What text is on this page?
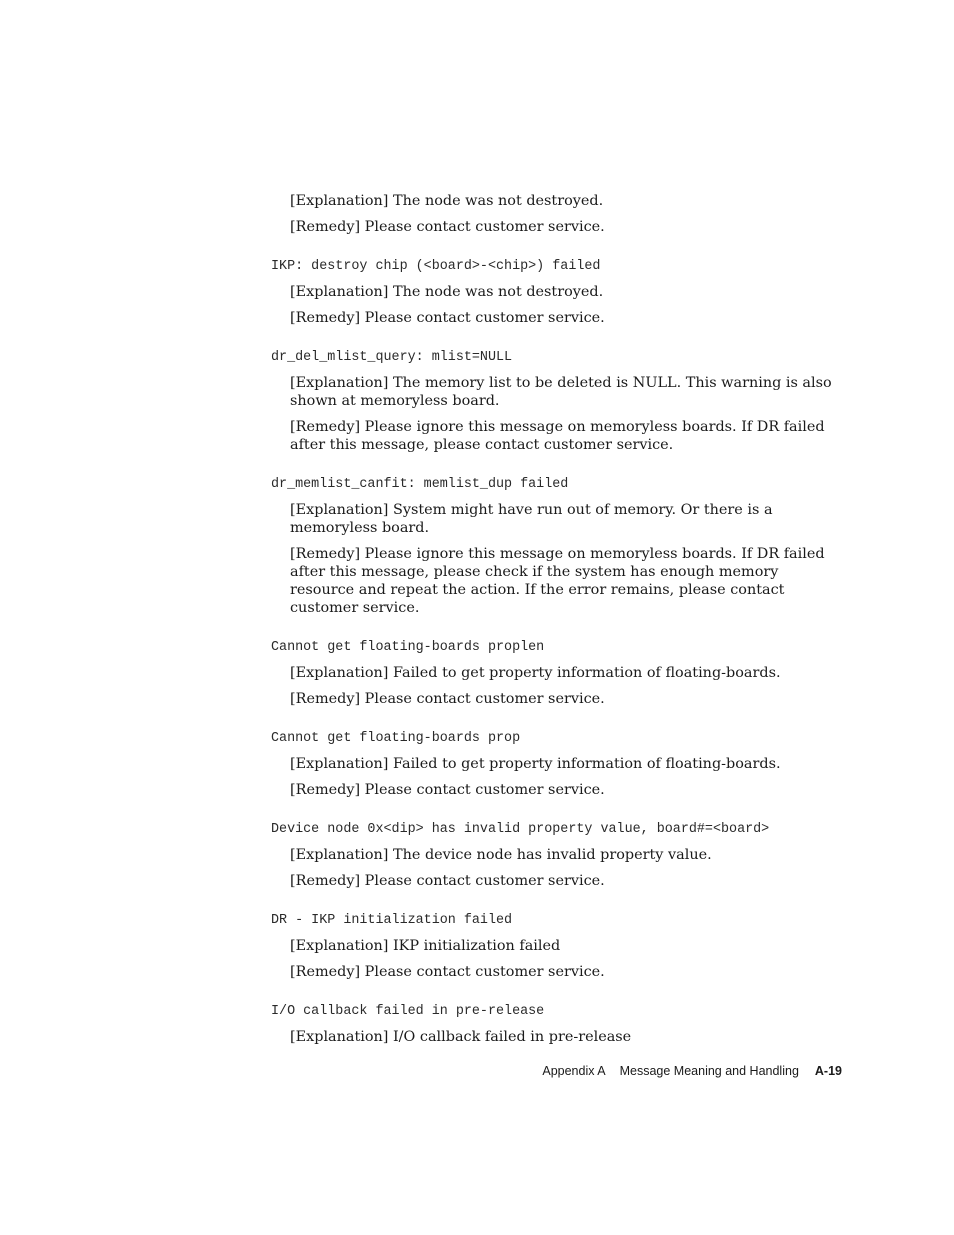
[Explanation] The node was not destroyed.

[Remedy] Please contact customer service.

IKP: destroy chip (<board>-<chip>) failed

[Explanation] The node was not destroyed.

[Remedy] Please contact customer service.

dr_del_mlist_query: mlist=NULL

[Explanation] The memory list to be deleted is NULL. This warning is also shown at memoryless board.

[Remedy] Please ignore this message on memoryless boards. If DR failed after this message, please contact customer service.

dr_memlist_canfit: memlist_dup failed

[Explanation] System might have run out of memory. Or there is a memoryless board.

[Remedy] Please ignore this message on memoryless boards. If DR failed after this message, please check if the system has enough memory resource and repeat the action. If the error remains, please contact customer service.

Cannot get floating-boards proplen

[Explanation] Failed to get property information of floating-boards.

[Remedy] Please contact customer service.

Cannot get floating-boards prop

[Explanation] Failed to get property information of floating-boards.

[Remedy] Please contact customer service.

Device node 0x<dip> has invalid property value, board#=<board>

[Explanation] The device node has invalid property value.

[Remedy] Please contact customer service.

DR - IKP initialization failed

[Explanation] IKP initialization failed

[Remedy] Please contact customer service.

I/O callback failed in pre-release

[Explanation] I/O callback failed in pre-release

Appendix A Message Meaning and Handling A-19
